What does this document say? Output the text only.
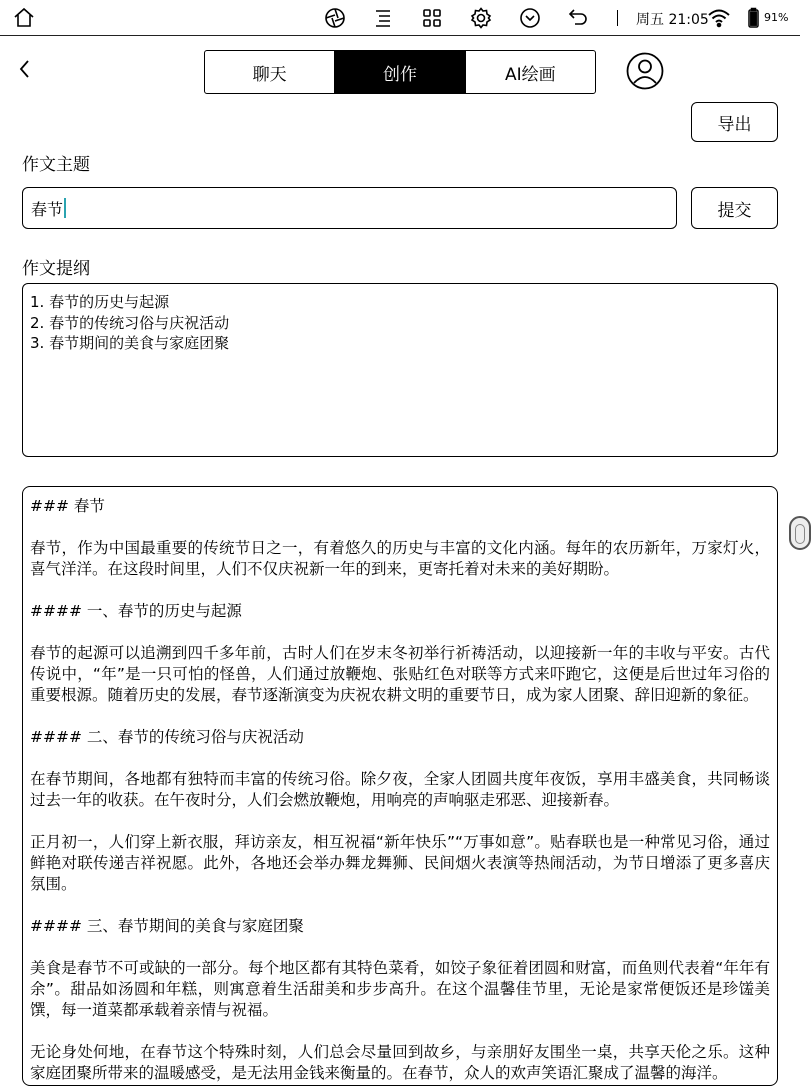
周五 21:05	91%
聊天	创作	AI绘画
导出
作文主题
春节	提交
作文提纲
1. 春节的历史与起源
2. 春节的传统习俗与庆祝活动
3. 春节期间的美食与家庭团聚

### 春节

春节，作为中国最重要的传统节日之一，有着悠久的历史与丰富的文化内涵。每年的农历新年，万家灯火，喜气洋洋。在这段时间里，人们不仅庆祝新一年的到来，更寄托着对未来的美好期盼。

#### 一、春节的历史与起源

春节的起源可以追溯到四千多年前，古时人们在岁末冬初举行祈祷活动，以迎接新一年的丰收与平安。古代传说中，“年”是一只可怕的怪兽，人们通过放鞭炮、张贴红色对联等方式来吓跑它，这便是后世过年习俗的重要根源。随着历史的发展，春节逐渐演变为庆祝农耕文明的重要节日，成为家人团聚、辞旧迎新的象征。

#### 二、春节的传统习俗与庆祝活动

在春节期间，各地都有独特而丰富的传统习俗。除夕夜，全家人团圆共度年夜饭，享用丰盛美食，共同畅谈过去一年的收获。在午夜时分，人们会燃放鞭炮，用响亮的声响驱走邪恶、迎接新春。

正月初一，人们穿上新衣服，拜访亲友，相互祝福“新年快乐”“万事如意”。贴春联也是一种常见习俗，通过鲜艳对联传递吉祥祝愿。此外，各地还会举办舞龙舞狮、民间烟火表演等热闹活动，为节日增添了更多喜庆氛围。

#### 三、春节期间的美食与家庭团聚

美食是春节不可或缺的一部分。每个地区都有其特色菜肴，如饺子象征着团圆和财富，而鱼则代表着“年年有余”。甜品如汤圆和年糕，则寓意着生活甜美和步步高升。在这个温馨佳节里，无论是家常便饭还是珍馐美馔，每一道菜都承载着亲情与祝福。

无论身处何地，在春节这个特殊时刻，人们总会尽量回到故乡，与亲朋好友围坐一桌，共享天伦之乐。这种家庭团聚所带来的温暖感受，是无法用金钱来衡量的。在春节，众人的欢声笑语汇聚成了温馨的海洋。
